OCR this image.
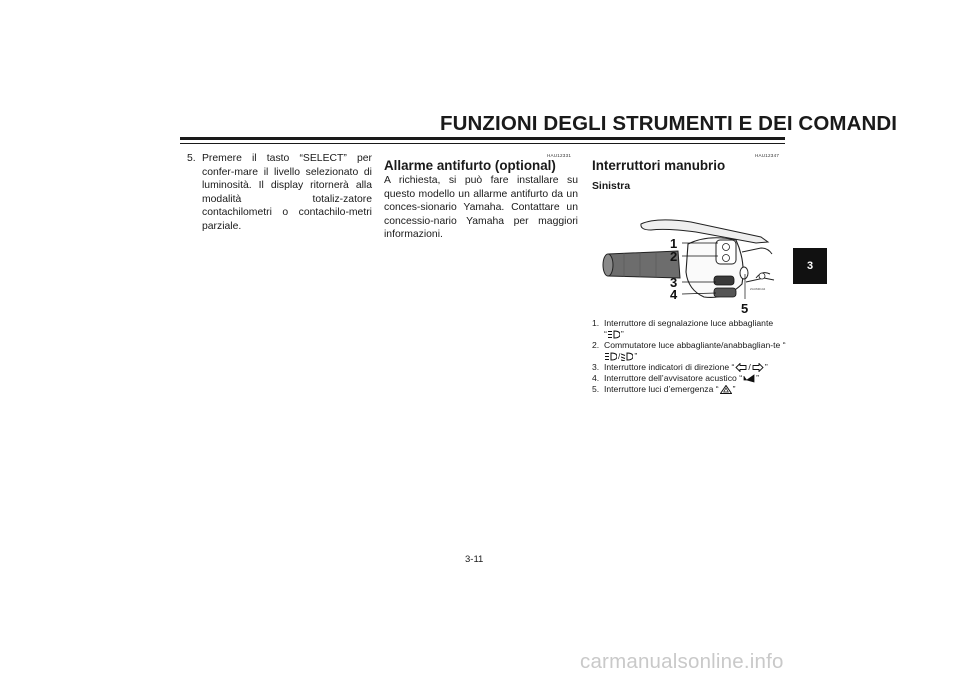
FUNZIONI DEGLI STRUMENTI E DEI COMANDI
3
5. Premere il tasto “SELECT” per confer-mare il livello selezionato di luminosità. Il display ritornerà alla modalità totaliz-zatore contachilometri o contachilo-metri parziale.
HAU12331
Allarme antifurto (optional)
A richiesta, si può fare installare su questo modello un allarme antifurto da un conces-sionario Yamaha. Contattare un concessio-nario Yamaha per maggiori informazioni.
HAU12347
Interruttori manubrio
Sinistra
1
2
3
4
5
ZAUM0144
1. Interruttore di segnalazione luce abbagliante
“ ”
2. Commutatore luce abbagliante/anabbaglian-te “/ ”
3. Interruttore indicatori di direzione “ / ”
4. Interruttore dell’avvisatore acustico “ ”
5. Interruttore luci d’emergenza “ ”
3-11
carmanualsonline.info
